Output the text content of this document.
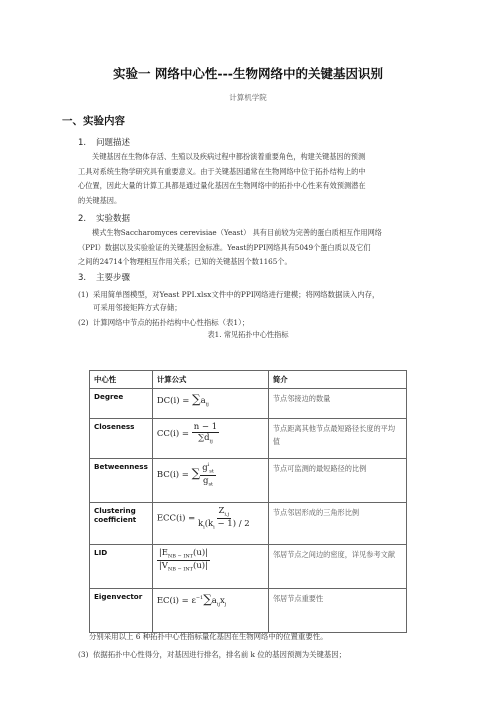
实验一 网络中心性---生物网络中的关键基因识别
计算机学院
一、实验内容
1. 问题描述
关键基因在生物体存活、生殖以及疾病过程中都扮演着重要角色，构建关键基因的预测
工具对系统生物学研究具有重要意义。由于关键基因通常在生物网络中位于拓扑结构上的中
心位置，因此大量的计算工具都是通过量化基因在生物网络中的拓扑中心性来有效预测潜在
的关键基因。
2. 实验数据
模式生物Saccharomyces cerevisiae（Yeast） 具有目前较为完善的蛋白质相互作用网络
（PPI）数据以及实验验证的关键基因金标准。Yeast的PPI网络具有5049个蛋白质以及它们
之间的24714个物理相互作用关系；已知的关键基因个数1165个。
3. 主要步骤
(1) 采用简单图模型，对Yeast PPI.xlsx文件中的PPI网络进行建模；将网络数据读入内存，
可采用邻接矩阵方式存储；
(2) 计算网络中节点的拓扑结构中心性指标（表1）；
表1. 常见拓扑中心性指标
中心性	计算公式	简介
Degree	$DC(i) = \sum a_{ij}$	节点邻接边的数量
Closeness	$CC(i) = \frac{n - 1}{\sum d_{ij}}$	节点距离其他节点最短路径长度的平均值
Betweenness	BC(i) = ∑ $\frac{g^i_{st}}{g_{st}}$	节点可监测的最短路径的比例
Clustering coefficient	$ECC(i) = \frac{Z_{i,j}}{k_i(k_i - 1) / 2}$	节点邻居形成的三角形比例
LID	$\frac{|E_{NB - INT}(u)|}{|V_{NB - INT}(u)|}$	邻居节点之间边的密度，详见参考文献
Eigenvector	$EC(i) = \varepsilon^{-1}\sum a_{ij}x_j$	邻居节点重要性
分别采用以上 6 种拓扑中心性指标量化基因在生物网络中的位置重要性。
(3) 依据拓扑中心性得分，对基因进行排名，排名前 k 位的基因预测为关键基因；
